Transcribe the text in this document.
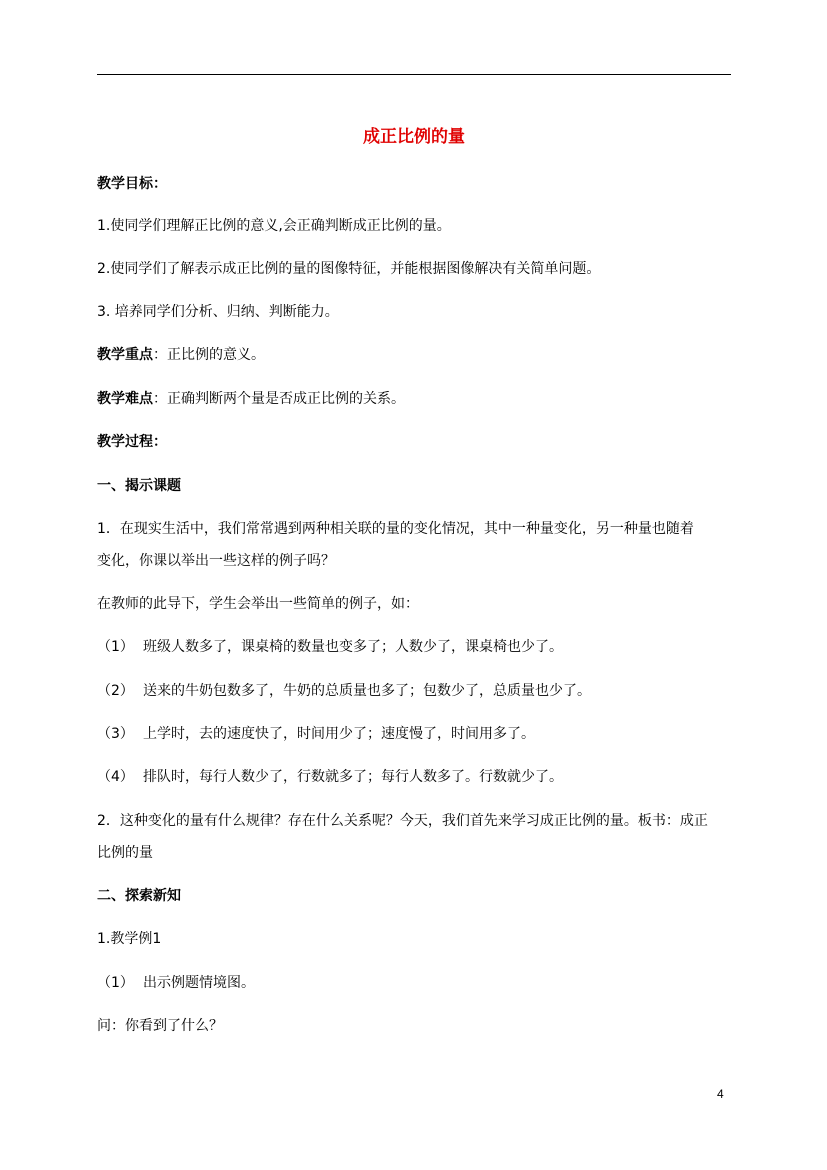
成正比例的量
教学目标：
1.使同学们理解正比例的意义,会正确判断成正比例的量。
2.使同学们了解表示成正比例的量的图像特征，并能根据图像解决有关简单问题。
3. 培养同学们分析、归纳、判断能力。
教学重点：正比例的意义。
教学难点：正确判断两个量是否成正比例的关系。
教学过程：
一、揭示课题
1．在现实生活中，我们常常遇到两种相关联的量的变化情况，其中一种量变化，另一种量也随着
变化，你课以举出一些这样的例子吗？
在教师的此导下，学生会举出一些简单的例子，如：
（1） 班级人数多了，课桌椅的数量也变多了；人数少了，课桌椅也少了。
（2） 送来的牛奶包数多了，牛奶的总质量也多了；包数少了，总质量也少了。
（3） 上学时，去的速度快了，时间用少了；速度慢了，时间用多了。
（4） 排队时，每行人数少了，行数就多了；每行人数多了。行数就少了。
2．这种变化的量有什么规律？存在什么关系呢？今天，我们首先来学习成正比例的量。板书：成正
比例的量
二、探索新知
1.教学例1
（1） 出示例题情境图。
问：你看到了什么？
4
